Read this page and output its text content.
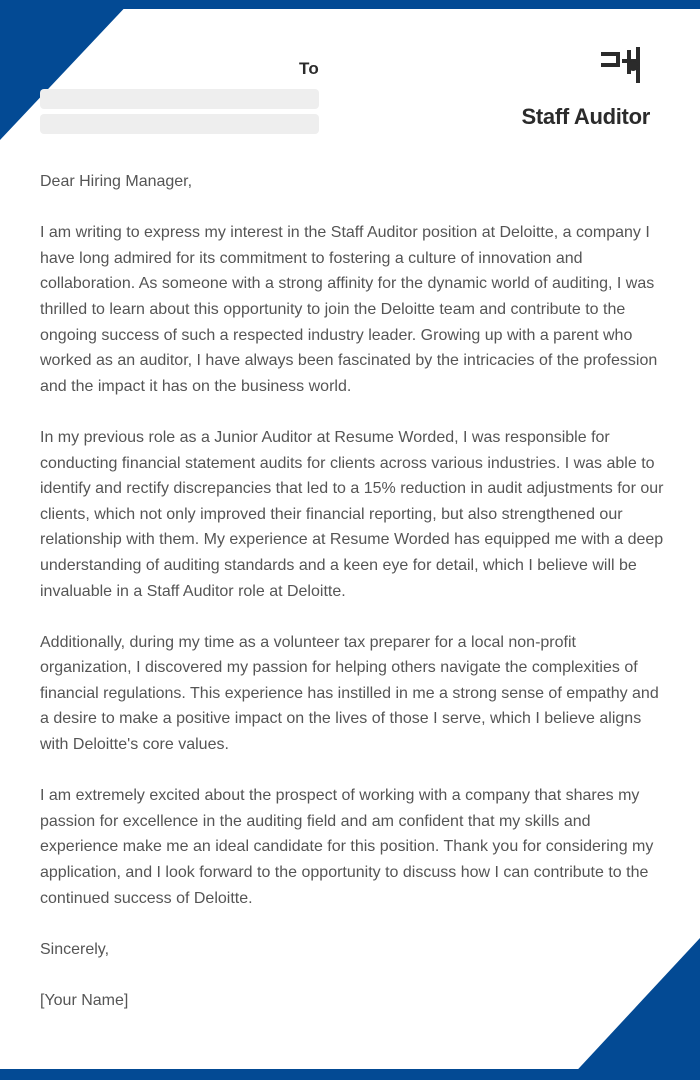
To
Staff Auditor

Dear Hiring Manager,

I am writing to express my interest in the Staff Auditor position at Deloitte, a company I have long admired for its commitment to fostering a culture of innovation and collaboration. As someone with a strong affinity for the dynamic world of auditing, I was thrilled to learn about this opportunity to join the Deloitte team and contribute to the ongoing success of such a respected industry leader. Growing up with a parent who worked as an auditor, I have always been fascinated by the intricacies of the profession and the impact it has on the business world.

In my previous role as a Junior Auditor at Resume Worded, I was responsible for conducting financial statement audits for clients across various industries. I was able to identify and rectify discrepancies that led to a 15% reduction in audit adjustments for our clients, which not only improved their financial reporting, but also strengthened our relationship with them. My experience at Resume Worded has equipped me with a deep understanding of auditing standards and a keen eye for detail, which I believe will be invaluable in a Staff Auditor role at Deloitte.

Additionally, during my time as a volunteer tax preparer for a local non-profit organization, I discovered my passion for helping others navigate the complexities of financial regulations. This experience has instilled in me a strong sense of empathy and a desire to make a positive impact on the lives of those I serve, which I believe aligns with Deloitte's core values.

I am extremely excited about the prospect of working with a company that shares my passion for excellence in the auditing field and am confident that my skills and experience make me an ideal candidate for this position. Thank you for considering my application, and I look forward to the opportunity to discuss how I can contribute to the continued success of Deloitte.

Sincerely,

[Your Name]
